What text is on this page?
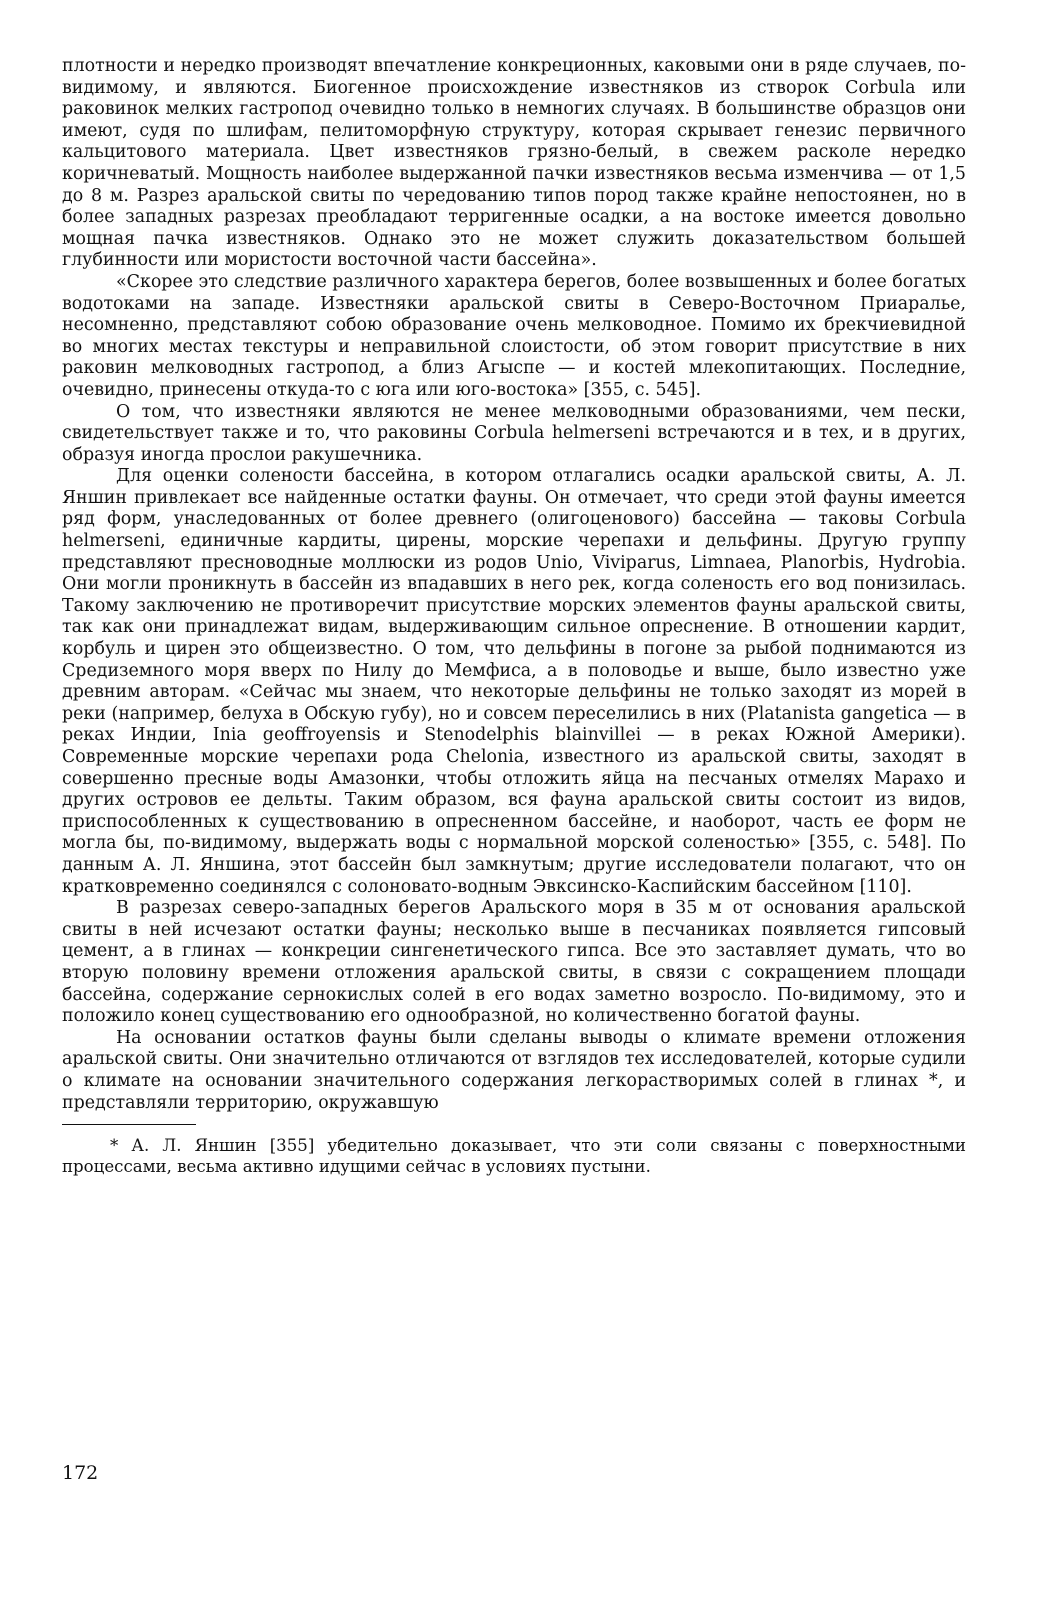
плотности и нередко производят впечатление конкреционных, каковыми они в ряде случаев, по-видимому, и являются. Биогенное происхождение известняков из створок Corbula или раковинок мелких гастропод очевидно только в немногих случаях. В большинстве образцов они имеют, судя по шлифам, пелитоморфную структуру, которая скрывает генезис первичного кальцитового материала. Цвет известняков грязно-белый, в свежем расколе нередко коричневатый. Мощность наиболее выдержанной пачки известняков весьма изменчива — от 1,5 до 8 м. Разрез аральской свиты по чередованию типов пород также крайне непостоянен, но в более западных разрезах преобладают терригенные осадки, а на востоке имеется довольно мощная пачка известняков. Однако это не может служить доказательством большей глубинности или мористости восточной части бассейна».

«Скорее это следствие различного характера берегов, более возвышенных и более богатых водотоками на западе. Известняки аральской свиты в Северо-Восточном Приаралье, несомненно, представляют собою образование очень мелководное. Помимо их брекчиевидной во многих местах текстуры и неправильной слоистости, об этом говорит присутствие в них раковин мелководных гастропод, а близ Агыспе — и костей млекопитающих. Последние, очевидно, принесены откуда-то с юга или юго-востока» [355, с. 545].

О том, что известняки являются не менее мелководными образованиями, чем пески, свидетельствует также и то, что раковины Corbula helmerseni встречаются и в тех, и в других, образуя иногда прослои ракушечника.

Для оценки солености бассейна, в котором отлагались осадки аральской свиты, А. Л. Яншин привлекает все найденные остатки фауны. Он отмечает, что среди этой фауны имеется ряд форм, унаследованных от более древнего (олигоценового) бассейна — таковы Corbula helmerseni, единичные кардиты, цирены, морские черепахи и дельфины. Другую группу представляют пресноводные моллюски из родов Unio, Viviparus, Limnaea, Planorbis, Hydrobia. Они могли проникнуть в бассейн из впадавших в него рек, когда соленость его вод понизилась. Такому заключению не противоречит присутствие морских элементов фауны аральской свиты, так как они принадлежат видам, выдерживающим сильное опреснение. В отношении кардит, корбуль и цирен это общеизвестно. О том, что дельфины в погоне за рыбой поднимаются из Средиземного моря вверх по Нилу до Мемфиса, а в половодье и выше, было известно уже древним авторам. «Сейчас мы знаем, что некоторые дельфины не только заходят из морей в реки (например, белуха в Обскую губу), но и совсем переселились в них (Platanista gangetica — в реках Индии, Inia geoffroyensis и Stenodelphis blainvillei — в реках Южной Америки). Современные морские черепахи рода Chelonia, известного из аральской свиты, заходят в совершенно пресные воды Амазонки, чтобы отложить яйца на песчаных отмелях Марахо и других островов ее дельты. Таким образом, вся фауна аральской свиты состоит из видов, приспособленных к существованию в опресненном бассейне, и наоборот, часть ее форм не могла бы, по-видимому, выдержать воды с нормальной морской соленостью» [355, с. 548]. По данным А. Л. Яншина, этот бассейн был замкнутым; другие исследователи полагают, что он кратковременно соединялся с солоновато-водным Эвксинско-Каспийским бассейном [110].

В разрезах северо-западных берегов Аральского моря в 35 м от основания аральской свиты в ней исчезают остатки фауны; несколько выше в песчаниках появляется гипсовый цемент, а в глинах — конкреции сингенетического гипса. Все это заставляет думать, что во вторую половину времени отложения аральской свиты, в связи с сокращением площади бассейна, содержание сернокислых солей в его водах заметно возросло. По-видимому, это и положило конец существованию его однообразной, но количественно богатой фауны.

На основании остатков фауны были сделаны выводы о климате времени отложения аральской свиты. Они значительно отличаются от взглядов тех исследователей, которые судили о климате на основании значительного содержания легкорастворимых солей в глинах *, и представляли территорию, окружавшую

* А. Л. Яншин [355] убедительно доказывает, что эти соли связаны с поверхностными процессами, весьма активно идущими сейчас в условиях пустыни.
172
